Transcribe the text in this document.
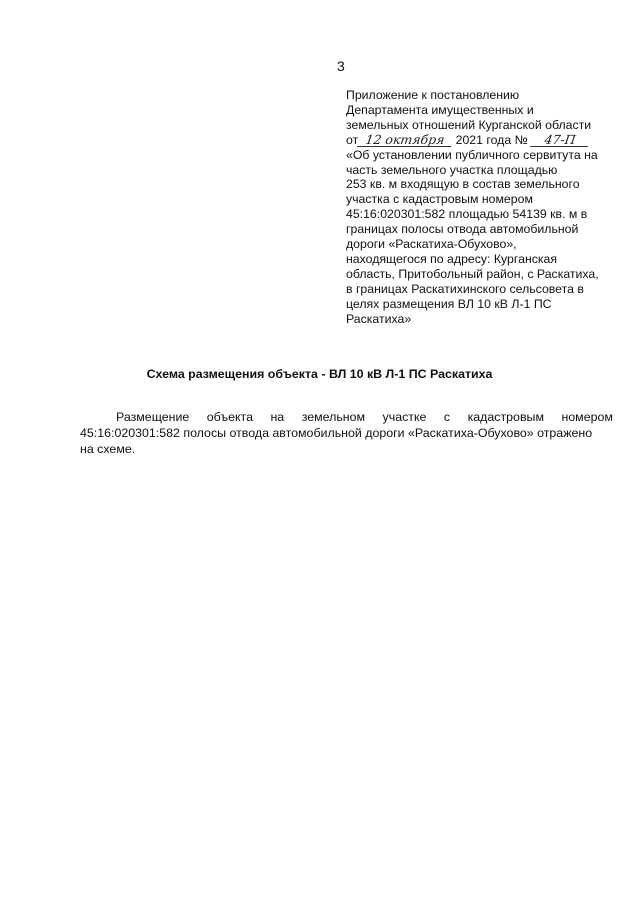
3
Приложение к постановлению
Департамента имущественных и
земельных отношений Курганской области
от 12 октября 2021 года № 47-П
«Об установлении публичного сервитута на
часть земельного участка площадью
253 кв. м входящую в состав земельного
участка с кадастровым номером
45:16:020301:582 площадью 54139 кв. м в
границах полосы отвода автомобильной
дороги «Раскатиха-Обухово»,
находящегося по адресу: Курганская
область, Притобольный район, с Раскатиха,
в границах Раскатихинского сельсовета в
целях размещения ВЛ 10 кВ Л-1 ПС
Раскатиха»
Схема размещения объекта - ВЛ 10 кВ Л-1 ПС Раскатиха
Размещение объекта на земельном участке с кадастровым номером
45:16:020301:582 полосы отвода автомобильной дороги «Раскатиха-Обухово» отражено
на схеме.
